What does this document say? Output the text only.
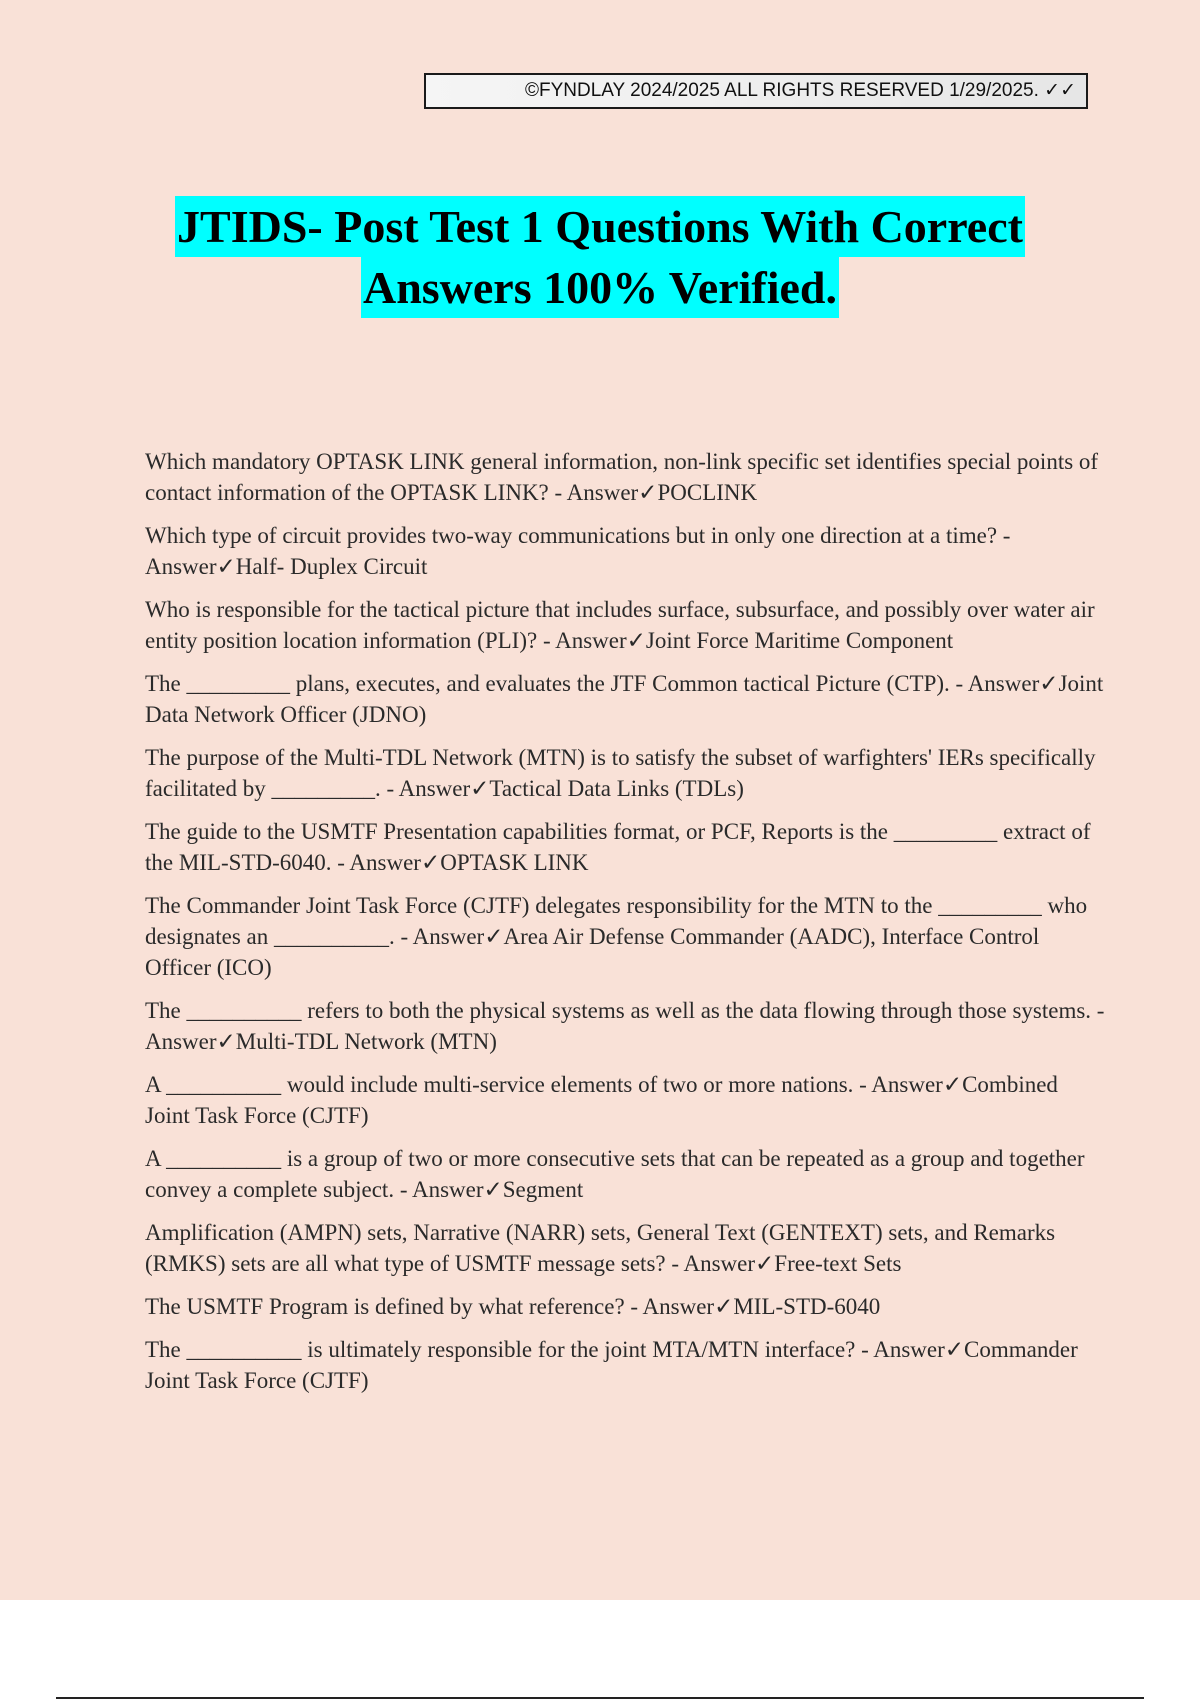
©FYNDLAY 2024/2025 ALL RIGHTS RESERVED 1/29/2025. ✓✓
JTIDS- Post Test 1 Questions With Correct
Answers 100% Verified.

Which mandatory OPTASK LINK general information, non-link specific set identifies special points of contact information of the OPTASK LINK? - Answer✓POCLINK

Which type of circuit provides two-way communications but in only one direction at a time? - Answer✓Half- Duplex Circuit

Who is responsible for the tactical picture that includes surface, subsurface, and possibly over water air entity position location information (PLI)? - Answer✓Joint Force Maritime Component

The _________ plans, executes, and evaluates the JTF Common tactical Picture (CTP). - Answer✓Joint Data Network Officer (JDNO)

The purpose of the Multi-TDL Network (MTN) is to satisfy the subset of warfighters' IERs specifically facilitated by _________. - Answer✓Tactical Data Links (TDLs)

The guide to the USMTF Presentation capabilities format, or PCF, Reports is the _________ extract of the MIL-STD-6040. - Answer✓OPTASK LINK

The Commander Joint Task Force (CJTF) delegates responsibility for the MTN to the _________ who designates an __________. - Answer✓Area Air Defense Commander (AADC), Interface Control Officer (ICO)

The __________ refers to both the physical systems as well as the data flowing through those systems. - Answer✓Multi-TDL Network (MTN)

A __________ would include multi-service elements of two or more nations. - Answer✓Combined Joint Task Force (CJTF)

A __________ is a group of two or more consecutive sets that can be repeated as a group and together convey a complete subject. - Answer✓Segment

Amplification (AMPN) sets, Narrative (NARR) sets, General Text (GENTEXT) sets, and Remarks (RMKS) sets are all what type of USMTF message sets? - Answer✓Free-text Sets

The USMTF Program is defined by what reference? - Answer✓MIL-STD-6040

The __________ is ultimately responsible for the joint MTA/MTN interface? - Answer✓Commander Joint Task Force (CJTF)
